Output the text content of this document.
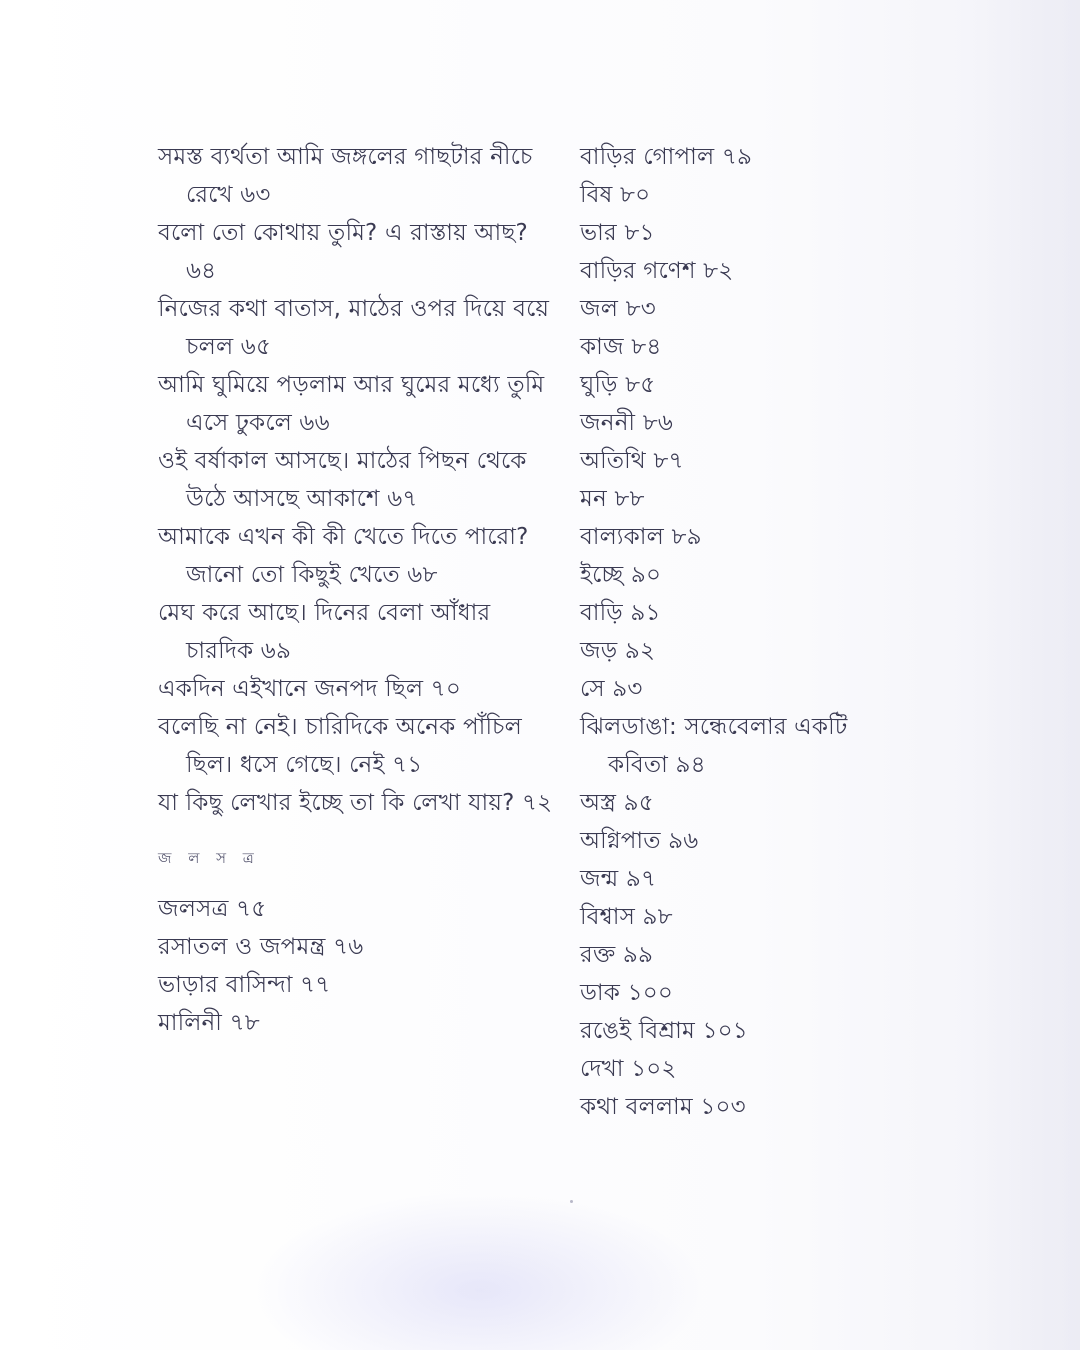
সমস্ত ব্যর্থতা আমি জঙ্গলের গাছটার নীচে রেখে ৬৩
বলো তো কোথায় তুমি? এ রাস্তায় আছ? ৬৪
নিজের কথা বাতাস, মাঠের ওপর দিয়ে বয়ে চলল ৬৫
আমি ঘুমিয়ে পড়লাম আর ঘুমের মধ্যে তুমি এসে ঢুকলে ৬৬
ওই বর্ষাকাল আসছে। মাঠের পিছন থেকে উঠে আসছে আকাশে ৬৭
আমাকে এখন কী কী খেতে দিতে পারো? জানো তো কিছুই খেতে ৬৮
মেঘ করে আছে। দিনের বেলা আঁধার চারদিক ৬৯
একদিন এইখানে জনপদ ছিল ৭০
বলেছি না নেই। চারিদিকে অনেক পাঁচিল ছিল। ধসে গেছে। নেই ৭১
যা কিছু লেখার ইচ্ছে তা কি লেখা যায়? ৭২
জ ল স ত্র
জলসত্র ৭৫
রসাতল ও জপমন্ত্র ৭৬
ভাড়ার বাসিন্দা ৭৭
মালিনী ৭৮
বাড়ির গোপাল ৭৯
বিষ ৮০
ভার ৮১
বাড়ির গণেশ ৮২
জল ৮৩
কাজ ৮৪
ঘুড়ি ৮৫
জননী ৮৬
অতিথি ৮৭
মন ৮৮
বাল্যকাল ৮৯
ইচ্ছে ৯০
বাড়ি ৯১
জড় ৯২
সে ৯৩
ঝিলডাঙা: সন্ধেবেলার একটি কবিতা ৯৪
অস্ত্র ৯৫
অগ্নিপাত ৯৬
জন্ম ৯৭
বিশ্বাস ৯৮
রক্ত ৯৯
ডাক ১০০
রঙেই বিশ্রাম ১০১
দেখা ১০২
কথা বললাম ১০৩
